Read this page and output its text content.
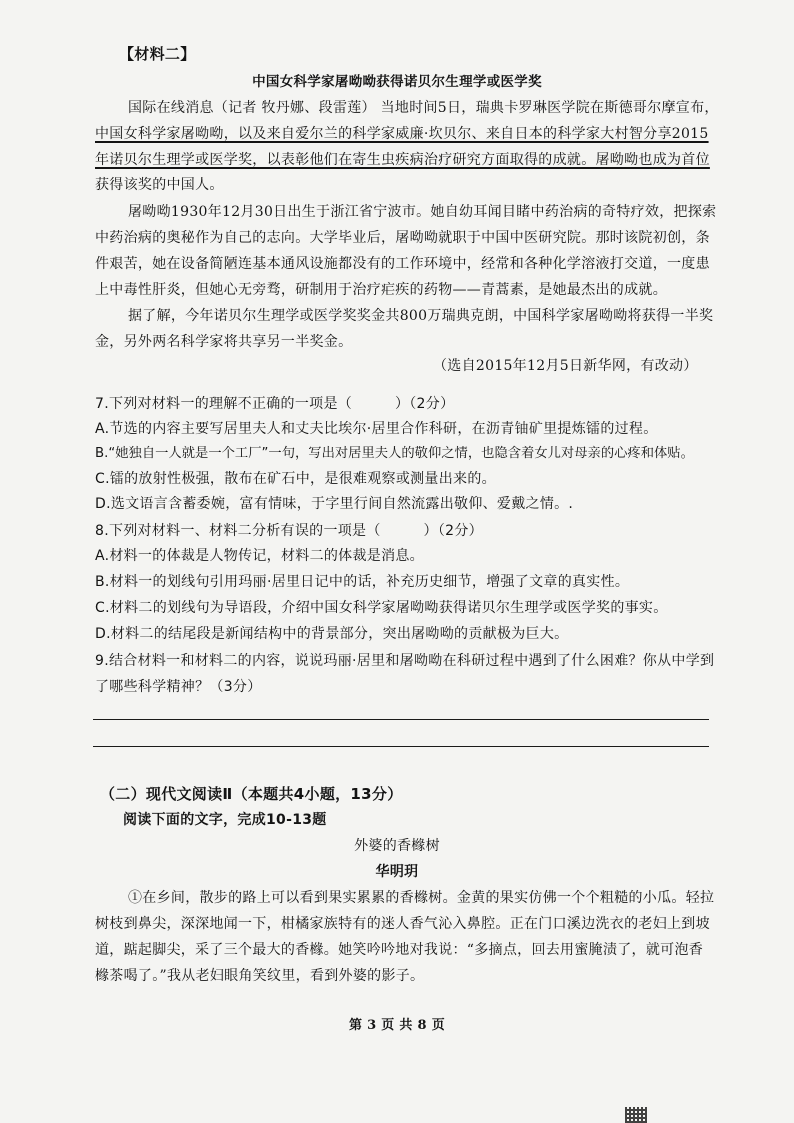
【材料二】
中国女科学家屠呦呦获得诺贝尔生理学或医学奖
国际在线消息（记者 牧丹娜、段雷莲） 当地时间5日，瑞典卡罗琳医学院在斯德哥尔摩宣布，
中国女科学家屠呦呦，以及来自爱尔兰的科学家威廉·坎贝尔、来自日本的科学家大村智分享2015
年诺贝尔生理学或医学奖，以表彰他们在寄生虫疾病治疗研究方面取得的成就。屠呦呦也成为首位
获得该奖的中国人。
屠呦呦1930年12月30日出生于浙江省宁波市。她自幼耳闻目睹中药治病的奇特疗效，把探索
中药治病的奥秘作为自己的志向。大学毕业后，屠呦呦就职于中国中医研究院。那时该院初创，条
件艰苦，她在设备简陋连基本通风设施都没有的工作环境中，经常和各种化学溶液打交道，一度患
上中毒性肝炎，但她心无旁骛，研制用于治疗疟疾的药物——青蒿素，是她最杰出的成就。
据了解，今年诺贝尔生理学或医学奖奖金共800万瑞典克朗，中国科学家屠呦呦将获得一半奖
金，另外两名科学家将共享另一半奖金。
（选自2015年12月5日新华网，有改动）
7.下列对材料一的理解不正确的一项是（　　　）（2分）
A.节选的内容主要写居里夫人和丈夫比埃尔·居里合作科研，在沥青铀矿里提炼镭的过程。
B.“她独自一人就是一个工厂”一句，写出对居里夫人的敬仰之情，也隐含着女儿对母亲的心疼和体贴。
C.镭的放射性极强，散布在矿石中，是很难观察或测量出来的。
D.选文语言含蓄委婉，富有情味，于字里行间自然流露出敬仰、爱戴之情。.
8.下列对材料一、材料二分析有误的一项是（　　　）（2分）
A.材料一的体裁是人物传记，材料二的体裁是消息。
B.材料一的划线句引用玛丽·居里日记中的话，补充历史细节，增强了文章的真实性。
C.材料二的划线句为导语段，介绍中国女科学家屠呦呦获得诺贝尔生理学或医学奖的事实。
D.材料二的结尾段是新闻结构中的背景部分，突出屠呦呦的贡献极为巨大。
9.结合材料一和材料二的内容，说说玛丽·居里和屠呦呦在科研过程中遇到了什么困难？你从中学到
了哪些科学精神？（3分）
（二）现代文阅读Ⅱ（本题共4小题，13分）
阅读下面的文字，完成10-13题
外婆的香橼树
华明玥
①在乡间，散步的路上可以看到果实累累的香橼树。金黄的果实仿佛一个个粗糙的小瓜。轻拉
树枝到鼻尖，深深地闻一下，柑橘家族特有的迷人香气沁入鼻腔。正在门口溪边洗衣的老妇上到坡
道，踮起脚尖，采了三个最大的香橼。她笑吟吟地对我说：“多摘点，回去用蜜腌渍了，就可泡香
橼茶喝了。”我从老妇眼角笑纹里，看到外婆的影子。
第 3 页 共 8 页
